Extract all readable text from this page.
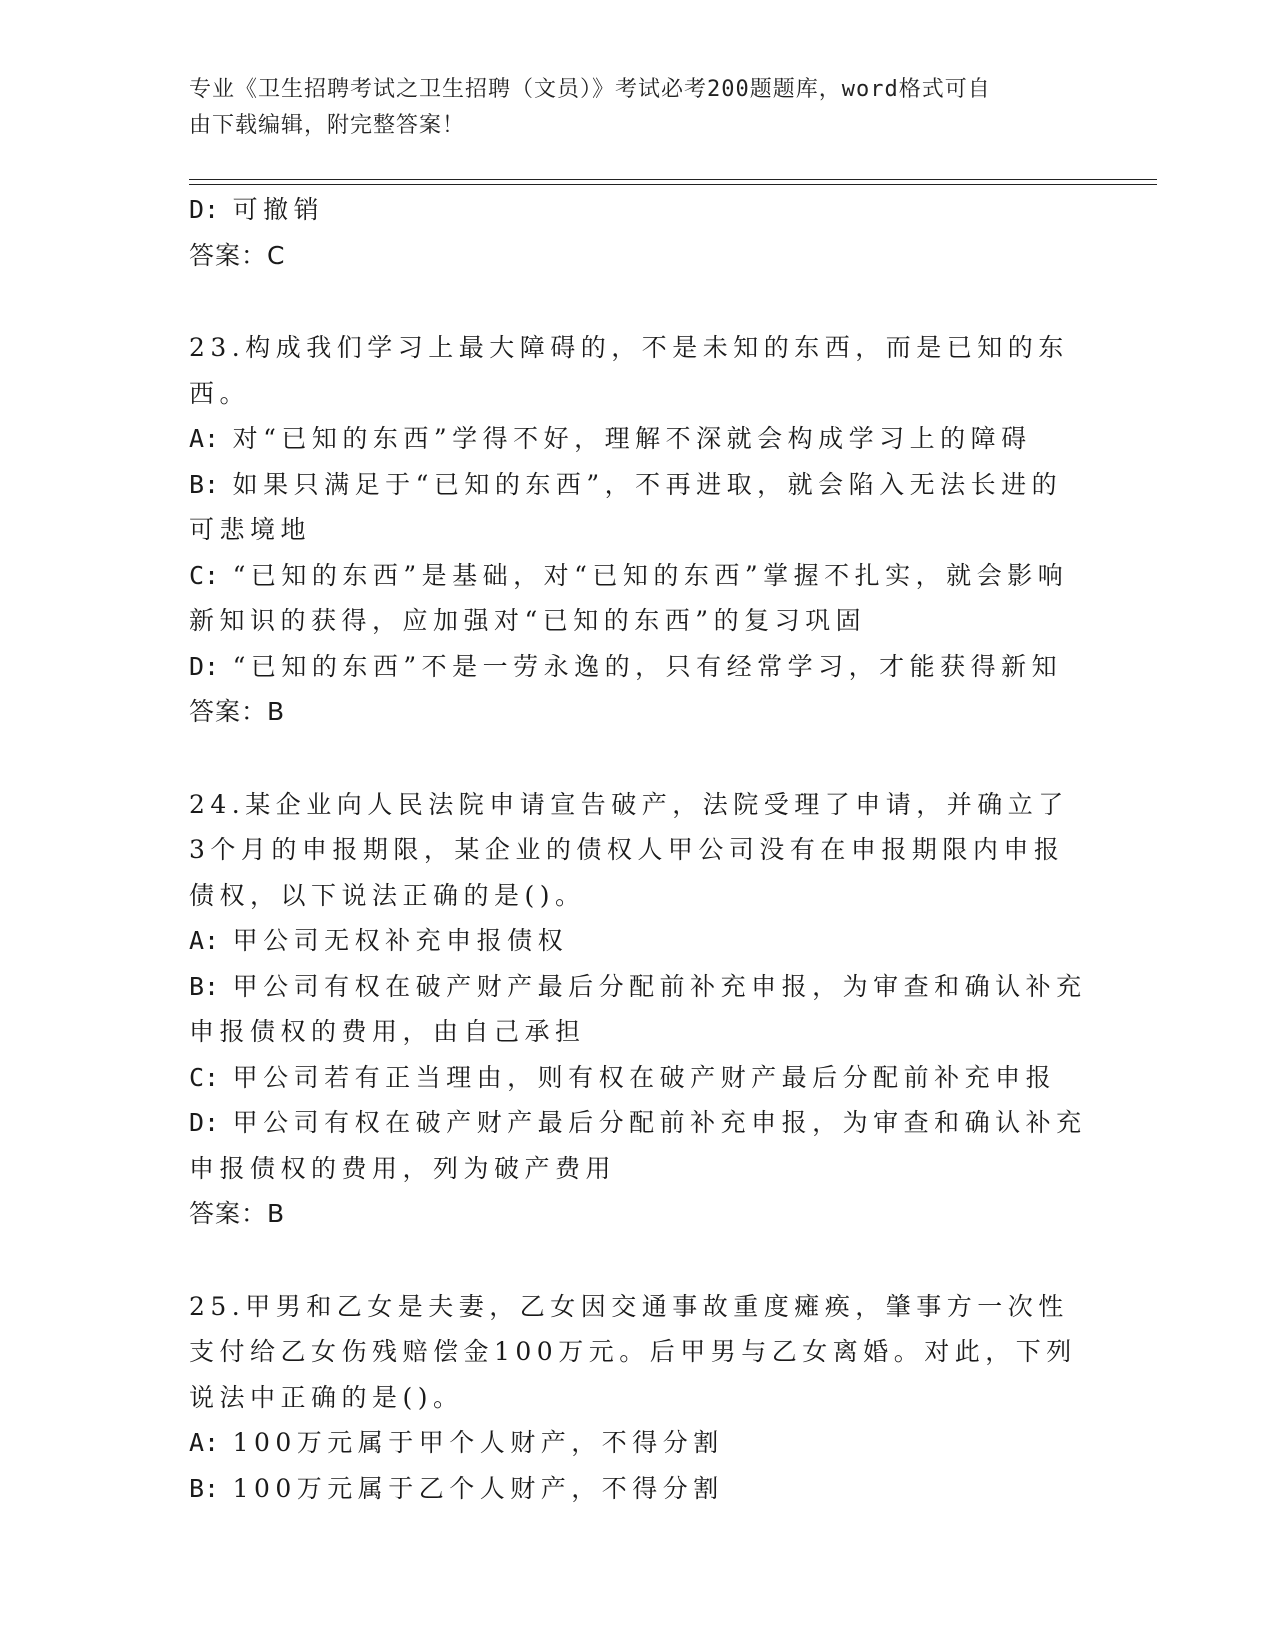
专业《卫生招聘考试之卫生招聘（文员）》考试必考200题题库，word格式可自
由下载编辑，附完整答案！

D: 可撤销

答案：C

23.构成我们学习上最大障碍的，不是未知的东西，而是已知的东西。

A: 对“已知的东西”学得不好，理解不深就会构成学习上的障碍

B: 如果只满足于“已知的东西”，不再进取，就会陷入无法长进的可悲境地

C: “已知的东西”是基础，对“已知的东西”掌握不扎实，就会影响新知识的获得，应加强对“已知的东西”的复习巩固

D: “已知的东西”不是一劳永逸的，只有经常学习，才能获得新知

答案：B

24.某企业向人民法院申请宣告破产，法院受理了申请，并确立了3个月的申报期限，某企业的债权人甲公司没有在申报期限内申报债权，以下说法正确的是()。

A: 甲公司无权补充申报债权

B: 甲公司有权在破产财产最后分配前补充申报，为审查和确认补充申报债权的费用，由自己承担

C: 甲公司若有正当理由，则有权在破产财产最后分配前补充申报

D: 甲公司有权在破产财产最后分配前补充申报，为审查和确认补充申报债权的费用，列为破产费用

答案：B

25.甲男和乙女是夫妻，乙女因交通事故重度瘫痪，肇事方一次性支付给乙女伤残赔偿金100万元。后甲男与乙女离婚。对此，下列说法中正确的是()。

A: 100万元属于甲个人财产，不得分割

B: 100万元属于乙个人财产，不得分割
